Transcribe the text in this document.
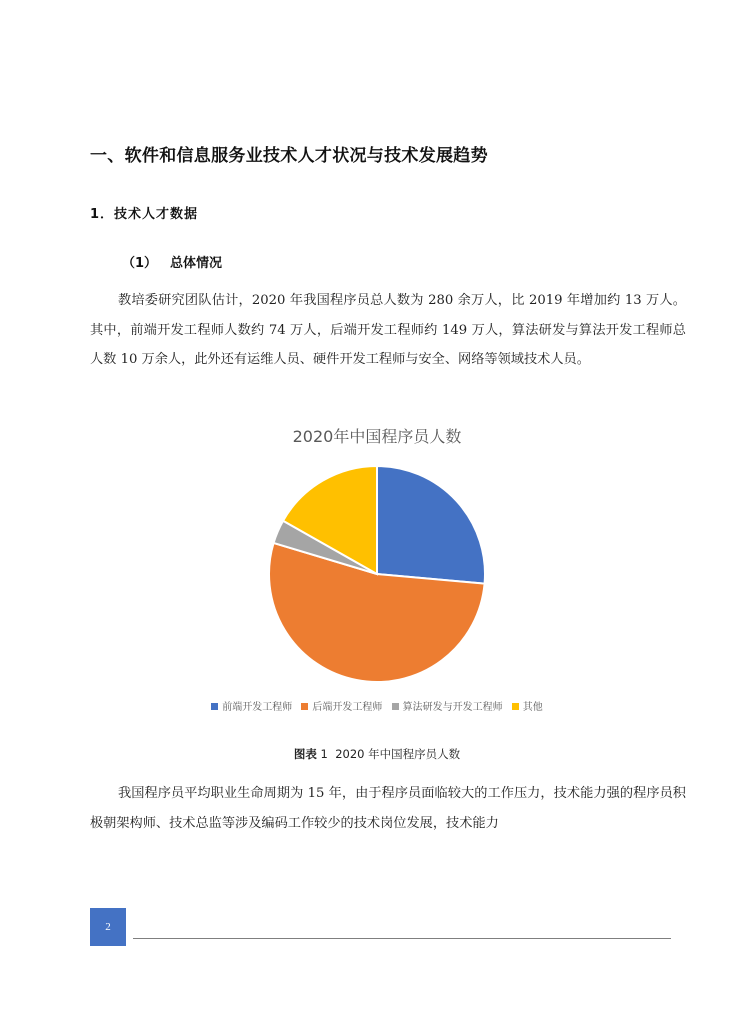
一、软件和信息服务业技术人才状况与技术发展趋势
1．技术人才数据
（1） 总体情况

教培委研究团队估计，2020 年我国程序员总人数为 280 余万人，比 2019 年增加约 13 万人。其中，前端开发工程师人数约 74 万人，后端开发工程师约 149 万人，算法研发与算法开发工程师总人数 10 万余人，此外还有运维人员、硬件开发工程师与安全、网络等领域技术人员。

2020年中国程序员人数
前端开发工程师 后端开发工程师 算法研发与开发工程师 其他
图表 1 2020 年中国程序员人数

我国程序员平均职业生命周期为 15 年，由于程序员面临较大的工作压力，技术能力强的程序员积极朝架构师、技术总监等涉及编码工作较少的技术岗位发展，技术能力

2
